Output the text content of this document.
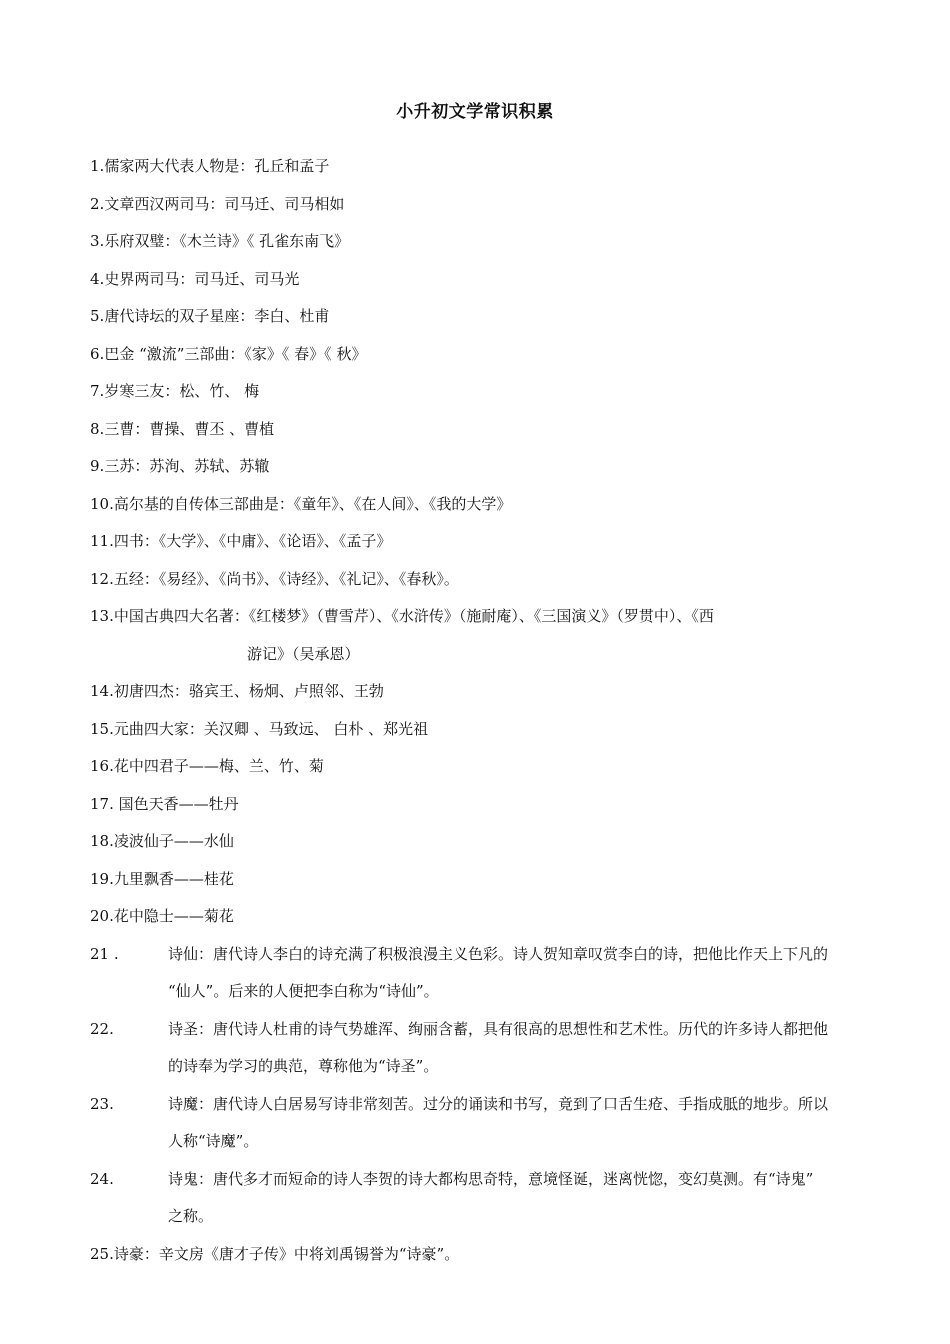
小升初文学常识积累
1.儒家两大代表人物是：孔丘和孟子
2.文章西汉两司马：司马迁、司马相如
3.乐府双璧：《木兰诗》《 孔雀东南飞》
4.史界两司马：司马迁、司马光
5.唐代诗坛的双子星座：李白、杜甫
6.巴金 “激流”三部曲：《家》《 春》《 秋》
7.岁寒三友：松、竹、 梅
8.三曹：曹操、曹丕 、曹植
9.三苏：苏洵、苏轼、苏辙
10.高尔基的自传体三部曲是：《童年》、《在人间》、《我的大学》
11.四书：《大学》、《中庸》、《论语》、《孟子》
12.五经：《易经》、《尚书》、《诗经》、《礼记》、《春秋》。
13.中国古典四大名著：《红楼梦》（曹雪芹）、《水浒传》（施耐庵）、《三国演义》（罗贯中）、《西
游记》（吴承恩）
14.初唐四杰：骆宾王、杨炯、卢照邻、王勃
15.元曲四大家：关汉卿 、马致远、 白朴 、郑光祖
16.花中四君子——梅、兰、竹、菊
17. 国色天香——牡丹
18.凌波仙子——水仙
19.九里飘香——桂花
20.花中隐士——菊花
21 .	诗仙：唐代诗人李白的诗充满了积极浪漫主义色彩。诗人贺知章叹赏李白的诗，把他比作天上下凡的
“仙人”。后来的人便把李白称为“诗仙”。
22.	诗圣：唐代诗人杜甫的诗气势雄浑、绚丽含蓄，具有很高的思想性和艺术性。历代的许多诗人都把他
的诗奉为学习的典范，尊称他为“诗圣”。
23.	诗魔：唐代诗人白居易写诗非常刻苦。过分的诵读和书写，竟到了口舌生疮、手指成胝的地步。所以
人称“诗魔”。
24.	诗鬼：唐代多才而短命的诗人李贺的诗大都构思奇特，意境怪诞，迷离恍惚，变幻莫测。有“诗鬼”
之称。
25.诗豪：辛文房《唐才子传》中将刘禹锡誉为“诗豪”。
